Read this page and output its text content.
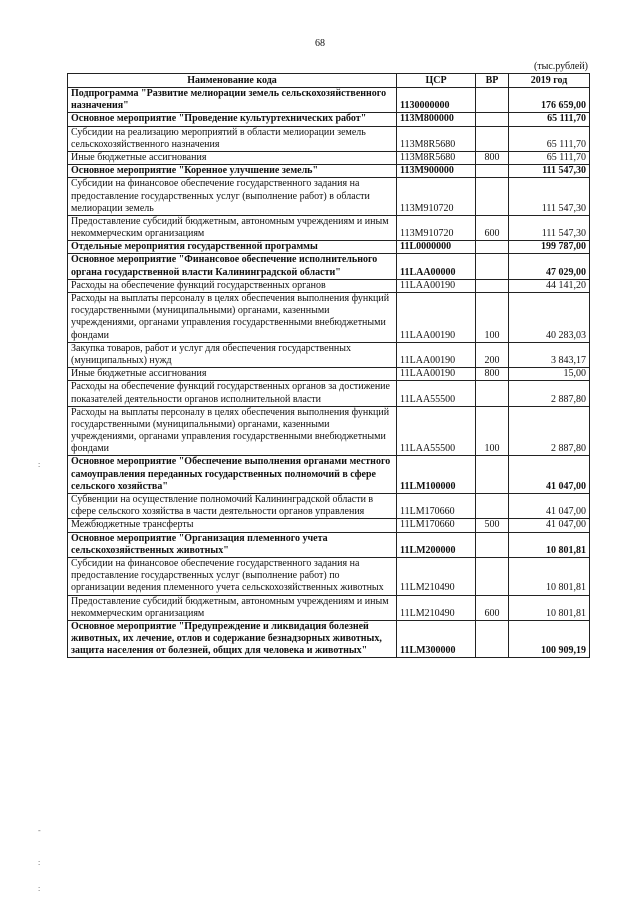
68
(тыс.рублей)
Наименование кода	ЦСР	ВР	2019 год
Подпрограмма "Развитие мелиорации земель сельскохозяйственного назначения"	1130000000		176 659,00
Основное мероприятие "Проведение культуртехнических работ"	113M800000		65 111,70
Субсидии на реализацию мероприятий в области мелиорации земель сельскохозяйственного назначения	113M8R5680		65 111,70
Иные бюджетные ассигнования	113M8R5680	800	65 111,70
Основное мероприятие "Коренное улучшение земель"	113M900000		111 547,30
Субсидии на финансовое обеспечение государственного задания на предоставление государственных услуг (выполнение работ) в области мелиорации земель	113M910720		111 547,30
Предоставление субсидий бюджетным, автономным учреждениям и иным некоммерческим организациям	113M910720	600	111 547,30
Отдельные мероприятия государственной программы	11L0000000		199 787,00
Основное мероприятие "Финансовое обеспечение исполнительного органа государственной власти Калининградской области"	11LAA00000		47 029,00
Расходы на обеспечение функций государственных органов	11LAA00190		44 141,20
Расходы на выплаты персоналу в целях обеспечения выполнения функций государственными (муниципальными) органами, казенными учреждениями, органами управления государственными внебюджетными фондами	11LAA00190	100	40 283,03
Закупка товаров, работ и услуг для обеспечения государственных (муниципальных) нужд	11LAA00190	200	3 843,17
Иные бюджетные ассигнования	11LAA00190	800	15,00
Расходы на обеспечение функций государственных органов за достижение показателей деятельности органов исполнительной власти	11LAA55500		2 887,80
Расходы на выплаты персоналу в целях обеспечения выполнения функций государственными (муниципальными) органами, казенными учреждениями, органами управления государственными внебюджетными фондами	11LAA55500	100	2 887,80
Основное мероприятие "Обеспечение выполнения органами местного самоуправления переданных государственных полномочий в сфере сельского хозяйства"	11LM100000		41 047,00
Субвенции на осуществление полномочий Калининградской области в сфере сельского хозяйства в части деятельности органов управления	11LM170660		41 047,00
Межбюджетные трансферты	11LM170660	500	41 047,00
Основное мероприятие "Организация племенного учета сельскохозяйственных животных"	11LM200000		10 801,81
Субсидии на финансовое обеспечение государственного задания на предоставление государственных услуг (выполнение работ) по организации ведения племенного учета сельскохозяйственных животных	11LM210490		10 801,81
Предоставление субсидий бюджетным, автономным учреждениям и иным некоммерческим организациям	11LM210490	600	10 801,81
Основное мероприятие "Предупреждение и ликвидация болезней животных, их лечение, отлов и содержание безнадзорных животных, защита населения от болезней, общих для человека и животных"	11LM300000		100 909,19
:
-
:
:
